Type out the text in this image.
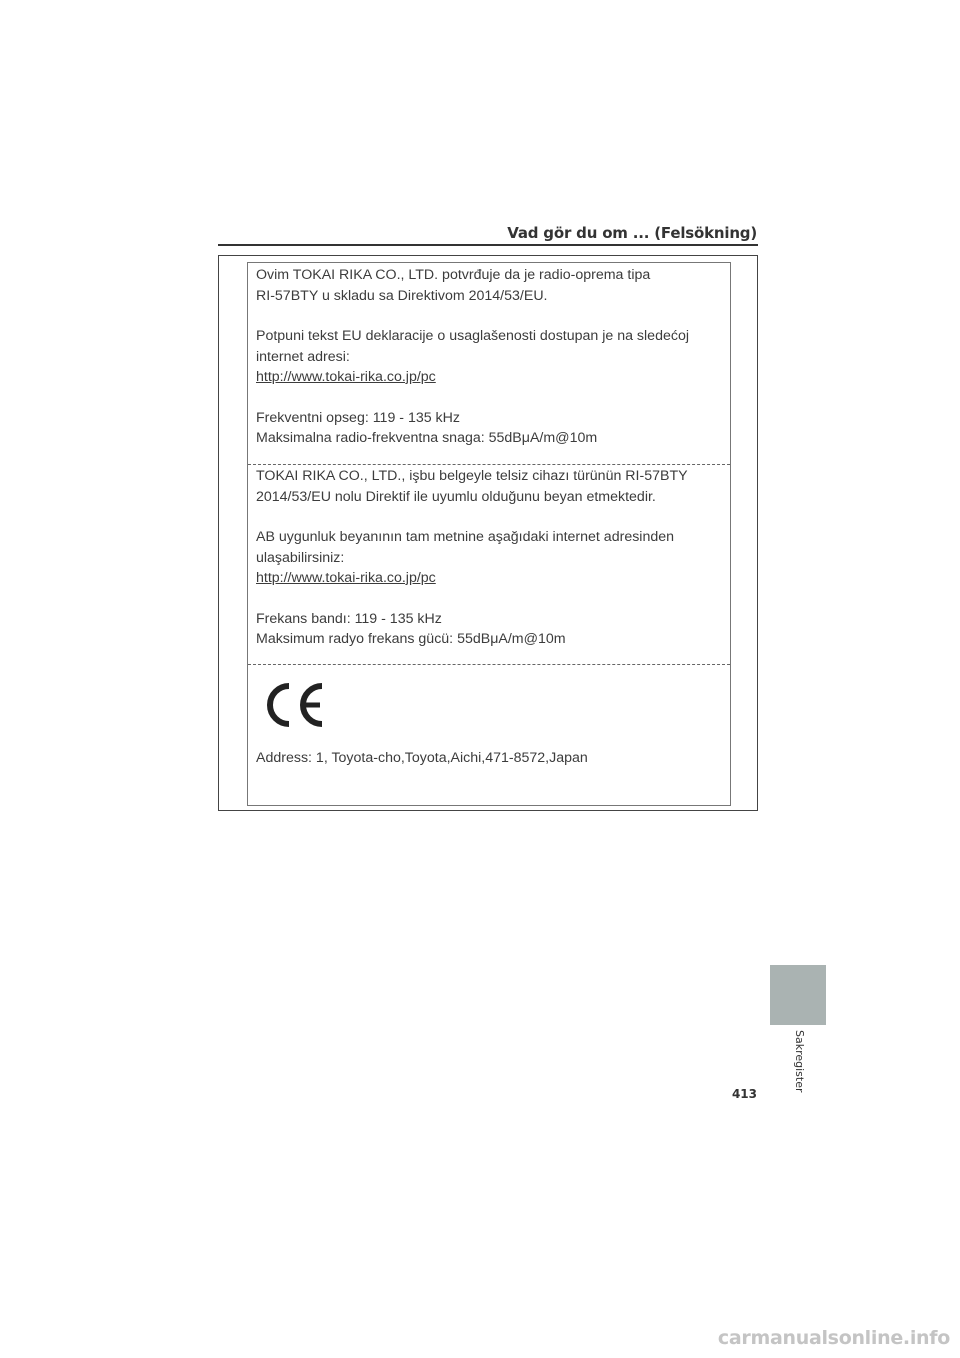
Vad gör du om ... (Felsökning)

Ovim TOKAI RIKA CO., LTD. potvrđuje da je radio-oprema tipa

RI-57BTY u skladu sa Direktivom 2014/53/EU.

Potpuni tekst EU deklaracije o usaglašenosti dostupan je na sledećoj

internet adresi:

http://www.tokai-rika.co.jp/pc

Frekventni opseg: 119 - 135 kHz

Maksimalna radio-frekventna snaga: 55dBμA/m@10m

TOKAI RIKA CO., LTD., işbu belgeyle telsiz cihazı türünün RI-57BTY

2014/53/EU nolu Direktif ile uyumlu olduğunu beyan etmektedir.

AB uygunluk beyanının tam metnine aşağıdaki internet adresinden

ulaşabilirsiniz:

http://www.tokai-rika.co.jp/pc

Frekans bandı: 119 - 135 kHz

Maksimum radyo frekans gücü: 55dBμA/m@10m

Address: 1, Toyota-cho,Toyota,Aichi,471-8572,Japan
Sakregister
413
carmanualsonline.info
